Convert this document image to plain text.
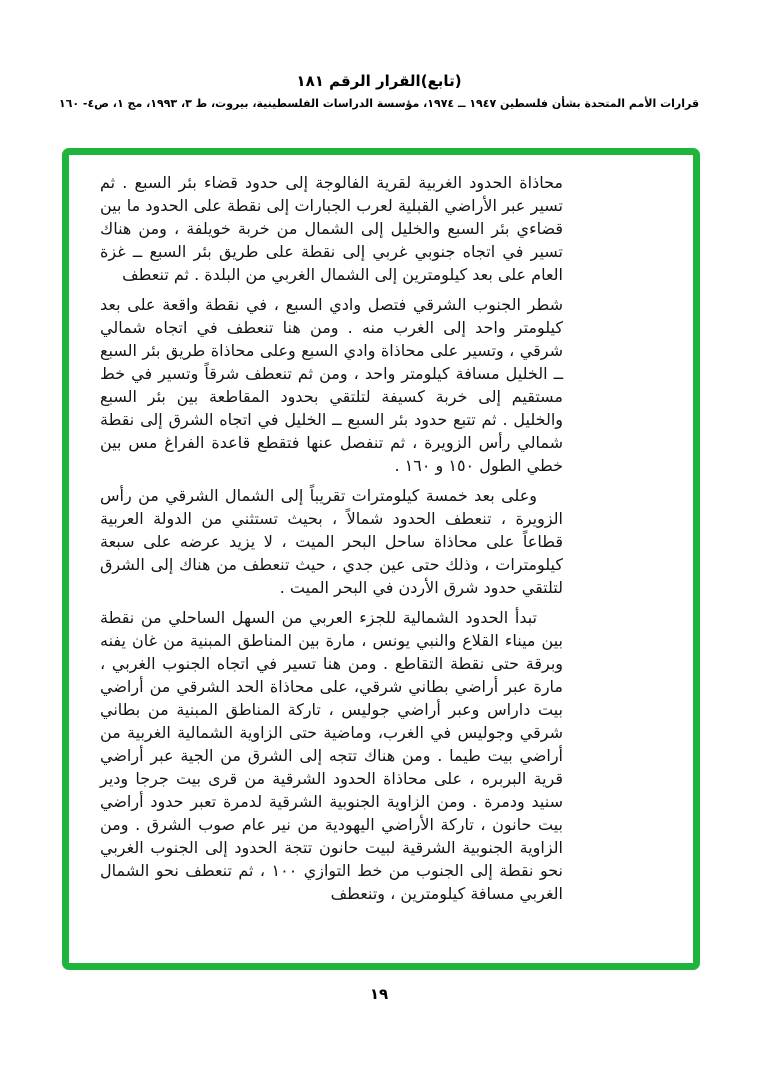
(تابع)القرار الرقم ١٨١
قرارات الأمم المتحدة بشأن فلسطين ١٩٤٧ ــ ١٩٧٤، مؤسسة الدراسات الفلسطينية، بيروت، ط ٣، ١٩٩٣، مج ١، ص٤- ١٦٠

محاذاة الحدود الغربية لقرية الفالوجة إلى حدود قضاء بئر السبع . ثم تسير عبر الأراضي القبلية لعرب الجبارات إلى نقطة على الحدود ما بين قضاءي بئر السبع والخليل إلى الشمال من خربة خويلفة ، ومن هناك تسير في اتجاه جنوبي غربي إلى نقطة على طريق بئر السبع ــ غزة العام على بعد كيلومترين إلى الشمال الغربي من البلدة . ثم تنعطف

شطر الجنوب الشرقي فتصل وادي السبع ، في نقطة واقعة على بعد كيلومتر واحد إلى الغرب منه . ومن هنا تنعطف في اتجاه شمالي شرقي ، وتسير على محاذاة وادي السبع وعلى محاذاة طريق بئر السبع ــ الخليل مسافة كيلومتر واحد ، ومن ثم تنعطف شرقاً وتسير في خط مستقيم إلى خربة كسيفة لتلتقي بحدود المقاطعة بين بئر السبع والخليل . ثم تتبع حدود بئر السبع ــ الخليل في اتجاه الشرق إلى نقطة شمالي رأس الزويرة ، ثم تنفصل عنها فتقطع قاعدة الفراغ مس بين خطي الطول ١٥٠ و ١٦٠ .

وعلى بعد خمسة كيلومترات تقريباً إلى الشمال الشرقي من رأس الزويرة ، تنعطف الحدود شمالاً ، بحيث تستثني من الدولة العربية قطاعاً على محاذاة ساحل البحر الميت ، لا يزيد عرضه على سبعة كيلومترات ، وذلك حتى عين جدي ، حيث تنعطف من هناك إلى الشرق لتلتقي حدود شرق الأردن في البحر الميت .

تبدأ الحدود الشمالية للجزء العربي من السهل الساحلي من نقطة بين ميناء القلاع والنبي يونس ، مارة بين المناطق المبنية من غان يفنه وبرقة حتى نقطة التقاطع . ومن هنا تسير في اتجاه الجنوب الغربي ، مارة عبر أراضي بطاني شرقي، على محاذاة الحد الشرقي من أراضي بيت داراس وعبر أراضي جوليس ، تاركة المناطق المبنية من بطاني شرقي وجوليس في الغرب، وماضية حتى الزاوية الشمالية الغربية من أراضي بيت طيما . ومن هناك تتجه إلى الشرق من الجية عبر أراضي قرية البربره ، على محاذاة الحدود الشرقية من قرى بيت جرجا ودير سنيد ودمرة . ومن الزاوية الجنوبية الشرقية لدمرة تعبر حدود أراضي بيت حانون ، تاركة الأراضي اليهودية من نير عام صوب الشرق . ومن الزاوية الجنوبية الشرقية لبيت حانون تتجة الحدود إلى الجنوب الغربي نحو نقطة إلى الجنوب من خط التوازي ١٠٠ ، ثم تنعطف نحو الشمال الغربي مسافة كيلومترين ، وتنعطف

١٩
